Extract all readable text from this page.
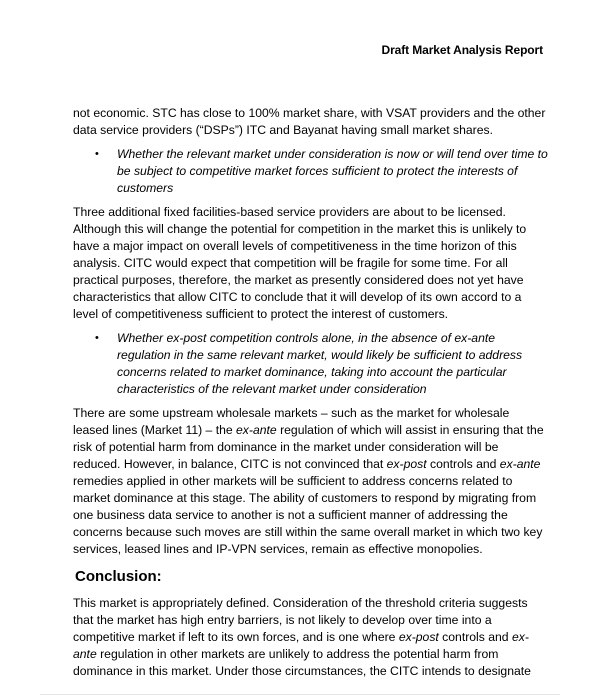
Draft Market Analysis Report

not economic. STC has close to 100% market share, with VSAT providers and the other data service providers (“DSPs”) ITC and Bayanat having small market shares.

• Whether the relevant market under consideration is now or will tend over time to be subject to competitive market forces sufficient to protect the interests of customers

Three additional fixed facilities-based service providers are about to be licensed. Although this will change the potential for competition in the market this is unlikely to have a major impact on overall levels of competitiveness in the time horizon of this analysis. CITC would expect that competition will be fragile for some time. For all practical purposes, therefore, the market as presently considered does not yet have characteristics that allow CITC to conclude that it will develop of its own accord to a level of competitiveness sufficient to protect the interest of customers.

• Whether ex-post competition controls alone, in the absence of ex-ante regulation in the same relevant market, would likely be sufficient to address concerns related to market dominance, taking into account the particular characteristics of the relevant market under consideration

There are some upstream wholesale markets – such as the market for wholesale leased lines (Market 11) – the ex-ante regulation of which will assist in ensuring that the risk of potential harm from dominance in the market under consideration will be reduced. However, in balance, CITC is not convinced that ex-post controls and ex-ante remedies applied in other markets will be sufficient to address concerns related to market dominance at this stage. The ability of customers to respond by migrating from one business data service to another is not a sufficient manner of addressing the concerns because such moves are still within the same overall market in which two key services, leased lines and IP-VPN services, remain as effective monopolies.

Conclusion:

This market is appropriately defined. Consideration of the threshold criteria suggests that the market has high entry barriers, is not likely to develop over time into a competitive market if left to its own forces, and is one where ex-post controls and ex-ante regulation in other markets are unlikely to address the potential harm from dominance in this market. Under those circumstances, the CITC intends to designate
